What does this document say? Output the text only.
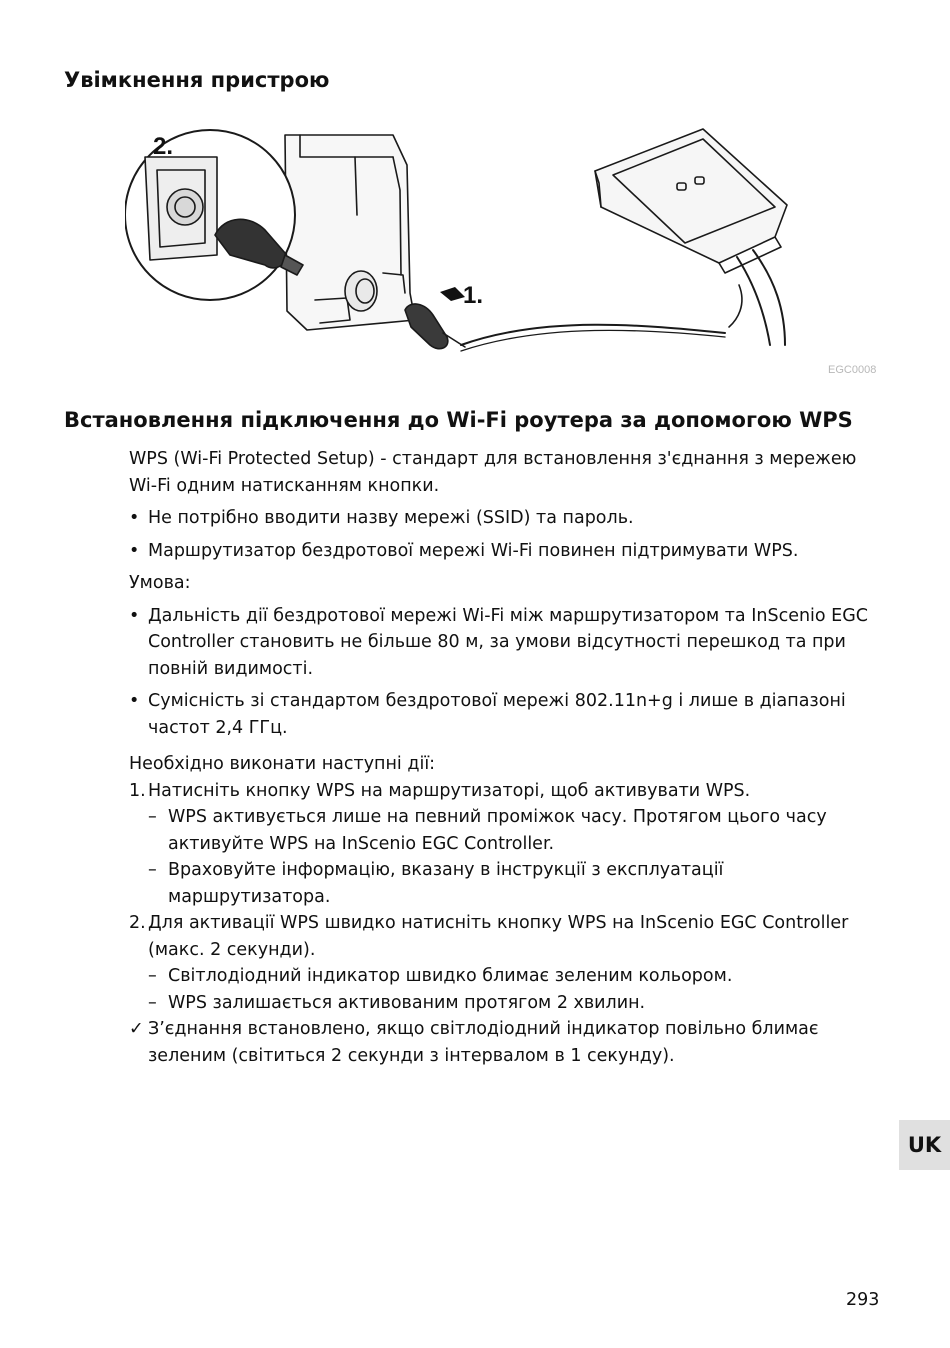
Увімкнення пристрою
2.
1.
EGC0008
Встановлення підключення до Wi-Fi роутера за допомогою WPS

WPS (Wi-Fi Protected Setup) - стандарт для встановлення з'єднання з мережею Wi-Fi одним натисканням кнопки.

• Не потрібно вводити назву мережі (SSID) та пароль.
• Маршрутизатор бездротової мережі Wi-Fi повинен підтримувати WPS.

Умова:

• Дальність дії бездротової мережі Wi-Fi між маршрутизатором та InScenio EGC Controller становить не більше 80 м, за умови відсутності перешкод та при повній видимості.
• Сумісність зі стандартом бездротової мережі 802.11n+g і лише в діапазоні частот 2,4 ГГц.

Необхідно виконати наступні дії:

1. Натисніть кнопку WPS на маршрутизаторі, щоб активувати WPS.
– WPS активується лише на певний проміжок часу. Протягом цього часу активуйте WPS на InScenio EGC Controller.
– Враховуйте інформацію, вказану в інструкції з експлуатації маршрутизатора.
2. Для активації WPS швидко натисніть кнопку WPS на InScenio EGC Controller (макс. 2 секунди).
– Світлодіодний індикатор швидко блимає зеленим кольором.
– WPS залишається активованим протягом 2 хвилин.
✓ З’єднання встановлено, якщо світлодіодний індикатор повільно блимає зеленим (світиться 2 секунди з інтервалом в 1 секунду).
UK
293
